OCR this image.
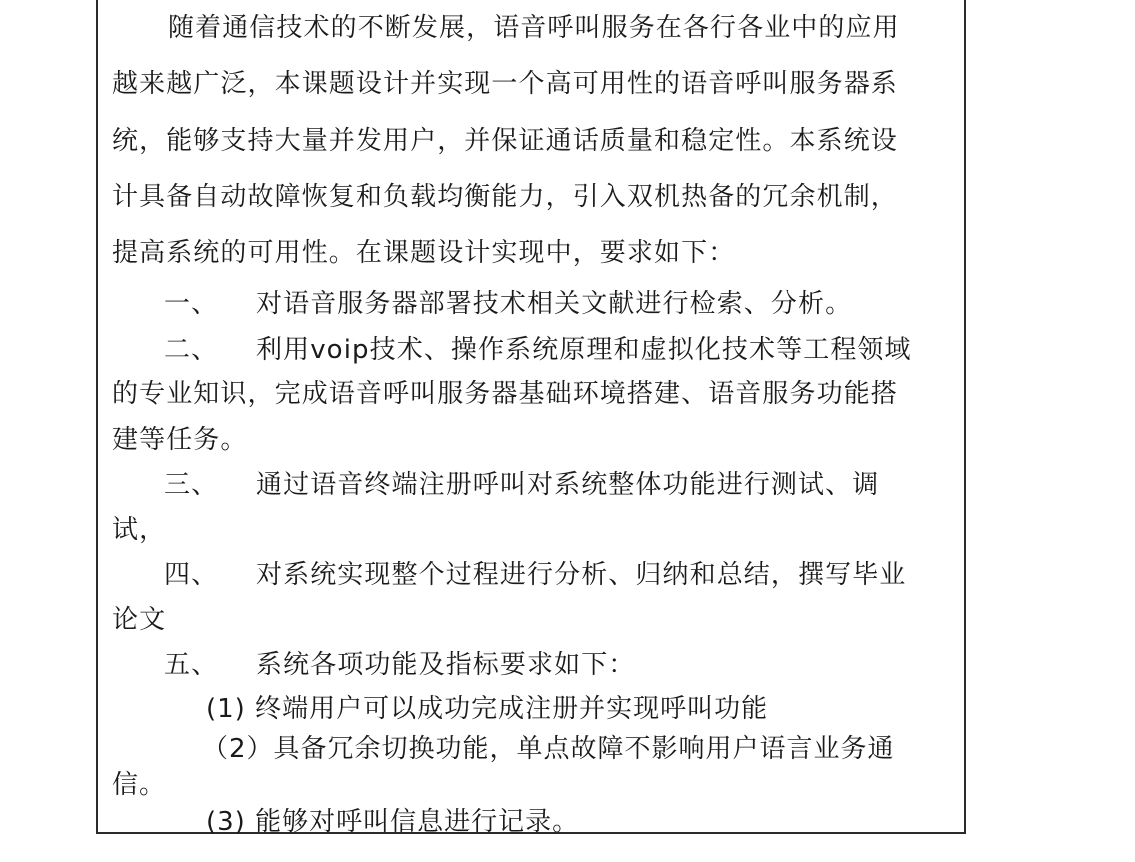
随着通信技术的不断发展，语音呼叫服务在各行各业中的应用
越来越广泛，本课题设计并实现一个高可用性的语音呼叫服务器系
统，能够支持大量并发用户，并保证通话质量和稳定性。本系统设
计具备自动故障恢复和负载均衡能力，引入双机热备的冗余机制，
提高系统的可用性。在课题设计实现中，要求如下：
一、 对语音服务器部署技术相关文献进行检索、分析。
二、 利用voip技术、操作系统原理和虚拟化技术等工程领域
的专业知识，完成语音呼叫服务器基础环境搭建、语音服务功能搭
建等任务。
三、 通过语音终端注册呼叫对系统整体功能进行测试、调
试，
四、 对系统实现整个过程进行分析、归纳和总结，撰写毕业
论文
五、 系统各项功能及指标要求如下：
(1) 终端用户可以成功完成注册并实现呼叫功能
（2）具备冗余切换功能，单点故障不影响用户语言业务通
信。
(3) 能够对呼叫信息进行记录。
